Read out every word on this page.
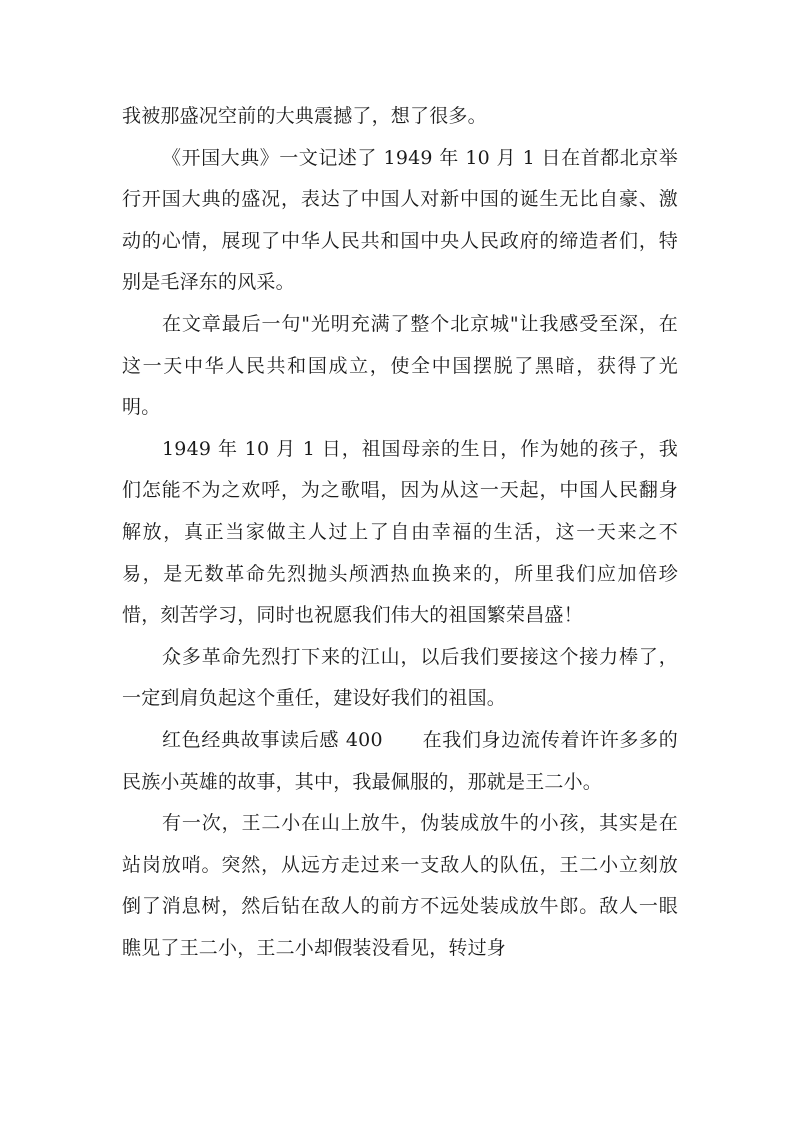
我被那盛况空前的大典震撼了，想了很多。

《开国大典》一文记述了 1949 年 10 月 1 日在首都北京举行开国大典的盛况，表达了中国人对新中国的诞生无比自豪、激动的心情，展现了中华人民共和国中央人民政府的缔造者们，特别是毛泽东的风采。

在文章最后一句"光明充满了整个北京城"让我感受至深，在这一天中华人民共和国成立，使全中国摆脱了黑暗，获得了光明。

1949 年 10 月 1 日，祖国母亲的生日，作为她的孩子，我们怎能不为之欢呼，为之歌唱，因为从这一天起，中国人民翻身解放，真正当家做主人过上了自由幸福的生活，这一天来之不易，是无数革命先烈抛头颅洒热血换来的，所里我们应加倍珍惜，刻苦学习，同时也祝愿我们伟大的祖国繁荣昌盛！

众多革命先烈打下来的江山，以后我们要接这个接力棒了，一定到肩负起这个重任，建设好我们的祖国。

红色经典故事读后感 400　　在我们身边流传着许许多多的民族小英雄的故事，其中，我最佩服的，那就是王二小。

有一次，王二小在山上放牛，伪装成放牛的小孩，其实是在站岗放哨。突然，从远方走过来一支敌人的队伍，王二小立刻放倒了消息树，然后钻在敌人的前方不远处装成放牛郎。敌人一眼瞧见了王二小，王二小却假装没看见，转过身
